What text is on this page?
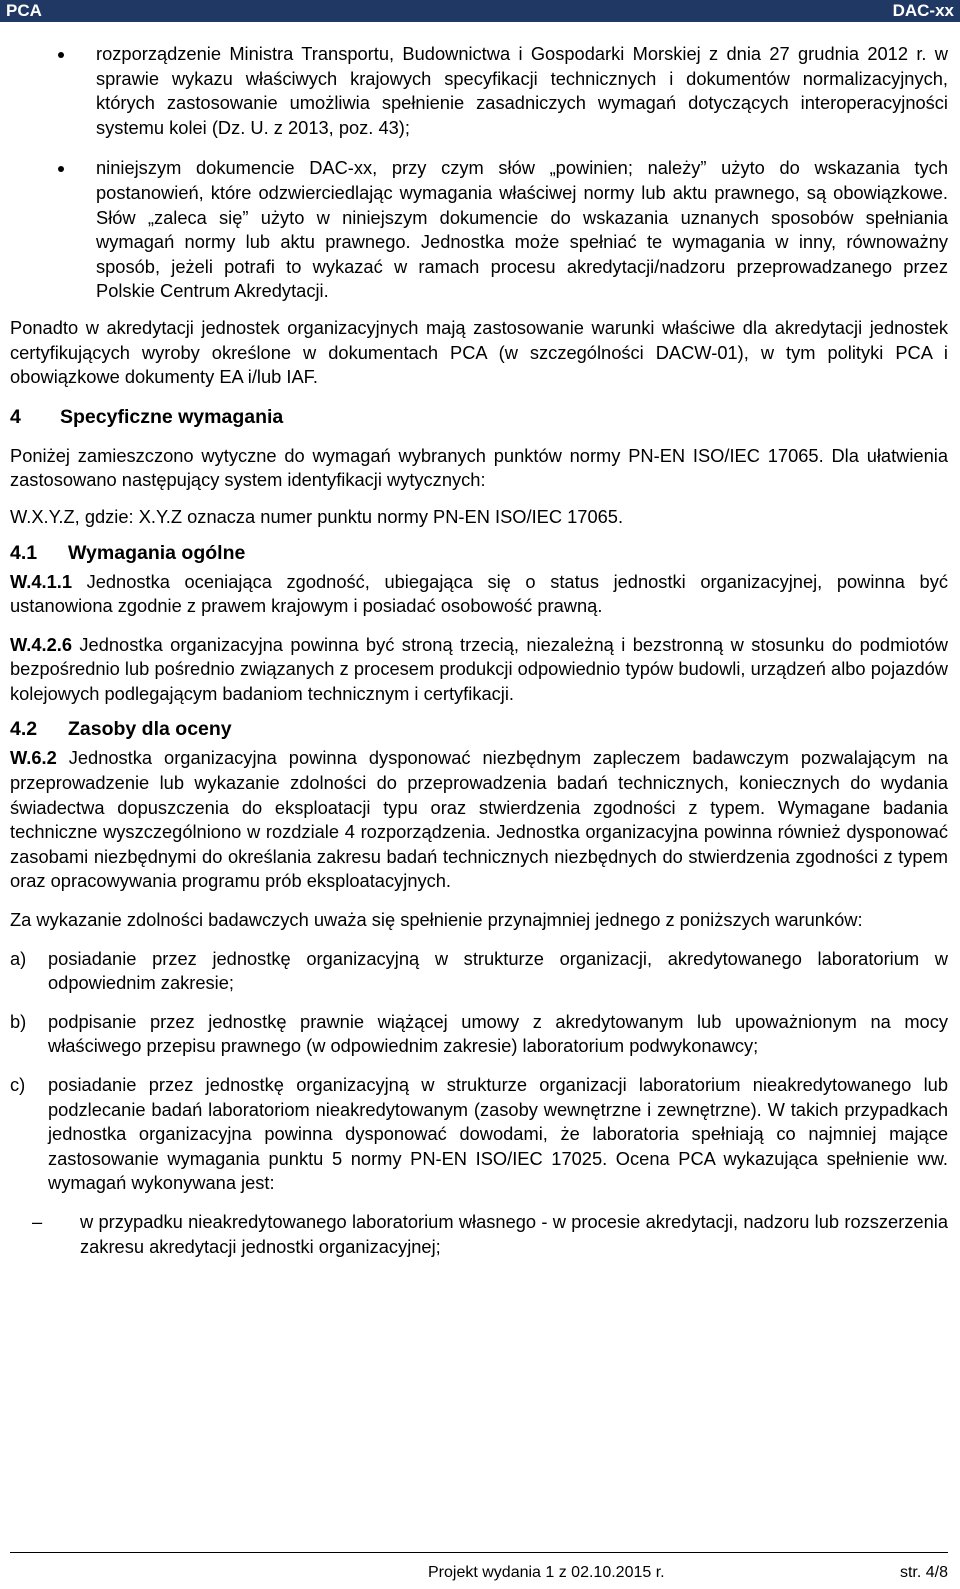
PCA	DAC-xx

rozporządzenie Ministra Transportu, Budownictwa i Gospodarki Morskiej z dnia 27 grudnia 2012 r. w sprawie wykazu właściwych krajowych specyfikacji technicznych i dokumentów normalizacyjnych, których zastosowanie umożliwia spełnienie zasadniczych wymagań dotyczących interoperacyjności systemu kolei (Dz. U. z 2013, poz. 43);

niniejszym dokumencie DAC-xx, przy czym słów „powinien; należy” użyto do wskazania tych postanowień, które odzwierciedlając wymagania właściwej normy lub aktu prawnego, są obowiązkowe. Słów „zaleca się” użyto w niniejszym dokumencie do wskazania uznanych sposobów spełniania wymagań normy lub aktu prawnego. Jednostka może spełniać te wymagania w inny, równoważny sposób, jeżeli potrafi to wykazać w ramach procesu akredytacji/nadzoru przeprowadzanego przez Polskie Centrum Akredytacji.

Ponadto w akredytacji jednostek organizacyjnych mają zastosowanie warunki właściwe dla akredytacji jednostek certyfikujących wyroby określone w dokumentach PCA (w szczególności DACW-01), w tym polityki PCA i obowiązkowe dokumenty EA i/lub IAF.

4 Specyficzne wymagania

Poniżej zamieszczono wytyczne do wymagań wybranych punktów normy PN-EN ISO/IEC 17065. Dla ułatwienia zastosowano następujący system identyfikacji wytycznych:

W.X.Y.Z, gdzie: X.Y.Z oznacza numer punktu normy PN-EN ISO/IEC 17065.

4.1 Wymagania ogólne

W.4.1.1 Jednostka oceniająca zgodność, ubiegająca się o status jednostki organizacyjnej, powinna być ustanowiona zgodnie z prawem krajowym i posiadać osobowość prawną.

W.4.2.6 Jednostka organizacyjna powinna być stroną trzecią, niezależną i bezstronną w stosunku do podmiotów bezpośrednio lub pośrednio związanych z procesem produkcji odpowiednio typów budowli, urządzeń albo pojazdów kolejowych podlegającym badaniom technicznym i certyfikacji.

4.2 Zasoby dla oceny

W.6.2 Jednostka organizacyjna powinna dysponować niezbędnym zapleczem badawczym pozwalającym na przeprowadzenie lub wykazanie zdolności do przeprowadzenia badań technicznych, koniecznych do wydania świadectwa dopuszczenia do eksploatacji typu oraz stwierdzenia zgodności z typem. Wymagane badania techniczne wyszczególniono w rozdziale 4 rozporządzenia. Jednostka organizacyjna powinna również dysponować zasobami niezbędnymi do określania zakresu badań technicznych niezbędnych do stwierdzenia zgodności z typem oraz opracowywania programu prób eksploatacyjnych.

Za wykazanie zdolności badawczych uważa się spełnienie przynajmniej jednego z poniższych warunków:

a) posiadanie przez jednostkę organizacyjną w strukturze organizacji, akredytowanego laboratorium w odpowiednim zakresie;

b) podpisanie przez jednostkę prawnie wiążącej umowy z akredytowanym lub upoważnionym na mocy właściwego przepisu prawnego (w odpowiednim zakresie) laboratorium podwykonawcy;

c) posiadanie przez jednostkę organizacyjną w strukturze organizacji laboratorium nieakredytowanego lub podzlecanie badań laboratoriom nieakredytowanym (zasoby wewnętrzne i zewnętrzne). W takich przypadkach jednostka organizacyjna powinna dysponować dowodami, że laboratoria spełniają co najmniej mające zastosowanie wymagania punktu 5 normy PN-EN ISO/IEC 17025. Ocena PCA wykazująca spełnienie ww. wymagań wykonywana jest:

– w przypadku nieakredytowanego laboratorium własnego - w procesie akredytacji, nadzoru lub rozszerzenia zakresu akredytacji jednostki organizacyjnej;

Projekt wydania 1 z 02.10.2015 r.	str. 4/8
